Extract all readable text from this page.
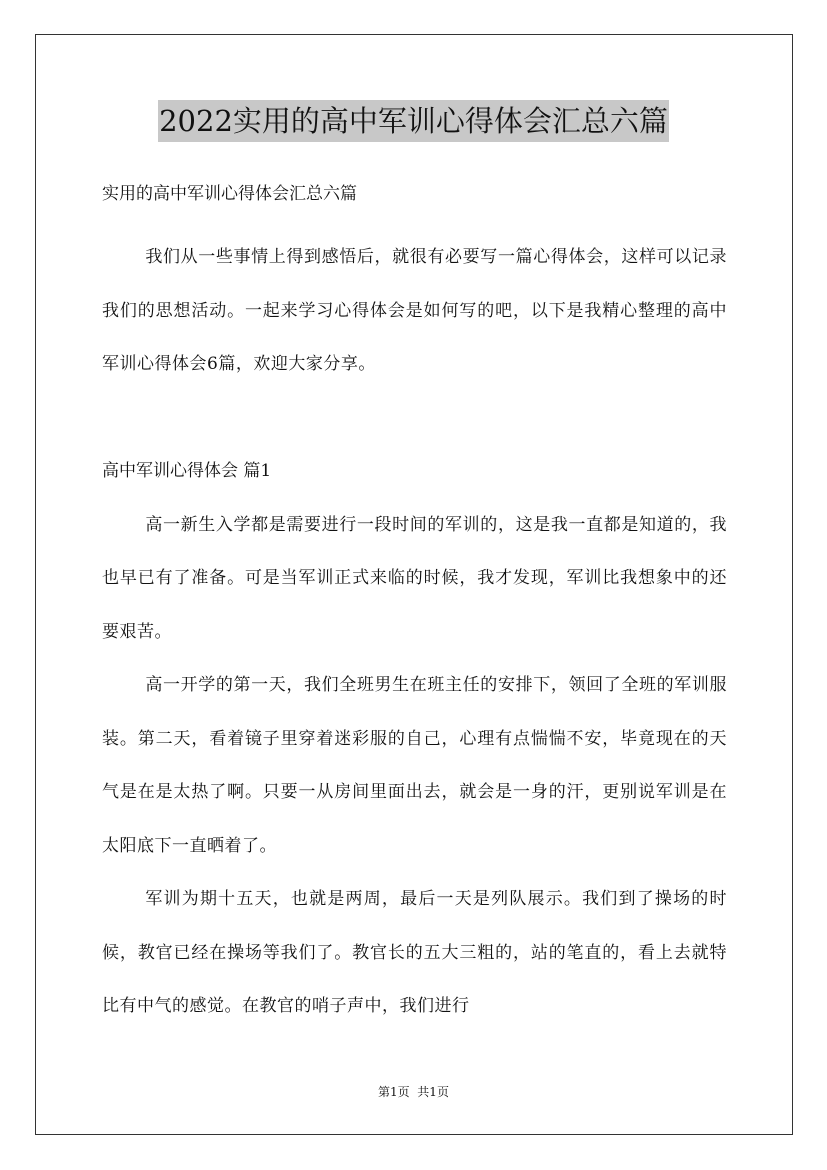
2022实用的高中军训心得体会汇总六篇
实用的高中军训心得体会汇总六篇

我们从一些事情上得到感悟后，就很有必要写一篇心得体会，这样可以记录我们的思想活动。一起来学习心得体会是如何写的吧，以下是我精心整理的高中军训心得体会6篇，欢迎大家分享。

高中军训心得体会 篇1

高一新生入学都是需要进行一段时间的军训的，这是我一直都是知道的，我也早已有了准备。可是当军训正式来临的时候，我才发现，军训比我想象中的还要艰苦。

高一开学的第一天，我们全班男生在班主任的安排下，领回了全班的军训服装。第二天，看着镜子里穿着迷彩服的自己，心理有点惴惴不安，毕竟现在的天气是在是太热了啊。只要一从房间里面出去，就会是一身的汗，更别说军训是在太阳底下一直晒着了。

军训为期十五天，也就是两周，最后一天是列队展示。我们到了操场的时候，教官已经在操场等我们了。教官长的五大三粗的，站的笔直的，看上去就特比有中气的感觉。在教官的哨子声中，我们进行

第1页  共1页
